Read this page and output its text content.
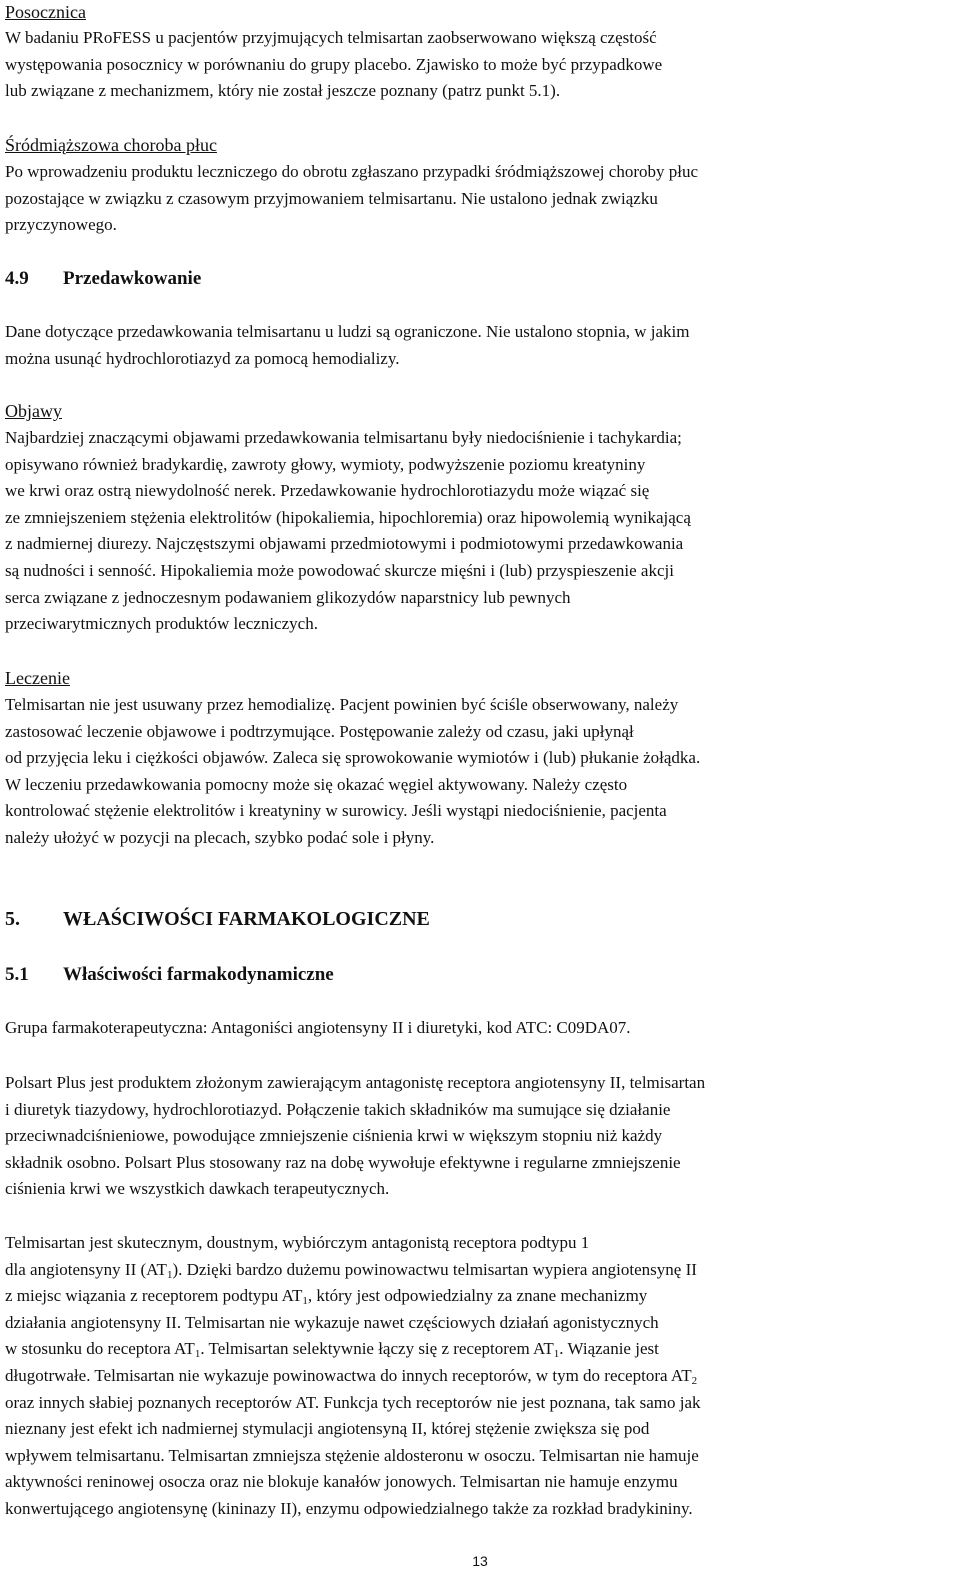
Posocznica

W badaniu PRoFESS u pacjentów przyjmujących telmisartan zaobserwowano większą częstość
występowania posocznicy w porównaniu do grupy placebo. Zjawisko to może być przypadkowe
lub związane z mechanizmem, który nie został jeszcze poznany (patrz punkt 5.1).

Śródmiąższowa choroba płuc

Po wprowadzeniu produktu leczniczego do obrotu zgłaszano przypadki śródmiąższowej choroby płuc
pozostające w związku z czasowym przyjmowaniem telmisartanu. Nie ustalono jednak związku
przyczynowego.

4.9 Przedawkowanie

Dane dotyczące przedawkowania telmisartanu u ludzi są ograniczone. Nie ustalono stopnia, w jakim
można usunąć hydrochlorotiazyd za pomocą hemodializy.

Objawy

Najbardziej znaczącymi objawami przedawkowania telmisartanu były niedociśnienie i tachykardia;
opisywano również bradykardię, zawroty głowy, wymioty, podwyższenie poziomu kreatyniny
we krwi oraz ostrą niewydolność nerek. Przedawkowanie hydrochlorotiazydu może wiązać się
ze zmniejszeniem stężenia elektrolitów (hipokaliemia, hipochloremia) oraz hipowolemią wynikającą
z nadmiernej diurezy. Najczęstszymi objawami przedmiotowymi i podmiotowymi przedawkowania
są nudności i senność. Hipokaliemia może powodować skurcze mięśni i (lub) przyspieszenie akcji
serca związane z jednoczesnym podawaniem glikozydów naparstnicy lub pewnych
przeciwarytmicznych produktów leczniczych.

Leczenie

Telmisartan nie jest usuwany przez hemodializę. Pacjent powinien być ściśle obserwowany, należy
zastosować leczenie objawowe i podtrzymujące. Postępowanie zależy od czasu, jaki upłynął
od przyjęcia leku i ciężkości objawów. Zaleca się sprowokowanie wymiotów i (lub) płukanie żołądka.
W leczeniu przedawkowania pomocny może się okazać węgiel aktywowany. Należy często
kontrolować stężenie elektrolitów i kreatyniny w surowicy. Jeśli wystąpi niedociśnienie, pacjenta
należy ułożyć w pozycji na plecach, szybko podać sole i płyny.

5. WŁAŚCIWOŚCI FARMAKOLOGICZNE
5.1 Właściwości farmakodynamiczne

Grupa farmakoterapeutyczna: Antagoniści angiotensyny II i diuretyki, kod ATC: C09DA07.

Polsart Plus jest produktem złożonym zawierającym antagonistę receptora angiotensyny II, telmisartan
i diuretyk tiazydowy, hydrochlorotiazyd. Połączenie takich składników ma sumujące się działanie
przeciwnadciśnieniowe, powodujące zmniejszenie ciśnienia krwi w większym stopniu niż każdy
składnik osobno. Polsart Plus stosowany raz na dobę wywołuje efektywne i regularne zmniejszenie
ciśnienia krwi we wszystkich dawkach terapeutycznych.

Telmisartan jest skutecznym, doustnym, wybiórczym antagonistą receptora podtypu 1
dla angiotensyny II $(AT_1)$. Dzięki bardzo dużemu powinowactwu telmisartan wypiera angiotensynę II
z miejsc wiązania z receptorem podtypu $AT_1$, który jest odpowiedzialny za znane mechanizmy
działania angiotensyny II. Telmisartan nie wykazuje nawet częściowych działań agonistycznych
w stosunku do receptora $AT_1$. Telmisartan selektywnie łączy się z receptorem $AT_1$. Wiązanie jest
długotrwałe. Telmisartan nie wykazuje powinowactwa do innych receptorów, w tym do receptora $AT_2$
oraz innych słabiej poznanych receptorów AT. Funkcja tych receptorów nie jest poznana, tak samo jak
nieznany jest efekt ich nadmiernej stymulacji angiotensyną II, której stężenie zwiększa się pod
wpływem telmisartanu. Telmisartan zmniejsza stężenie aldosteronu w osoczu. Telmisartan nie hamuje
aktywności reninowej osocza oraz nie blokuje kanałów jonowych. Telmisartan nie hamuje enzymu
konwertującego angiotensynę (kininazy II), enzymu odpowiedzialnego także za rozkład bradykininy.

13
